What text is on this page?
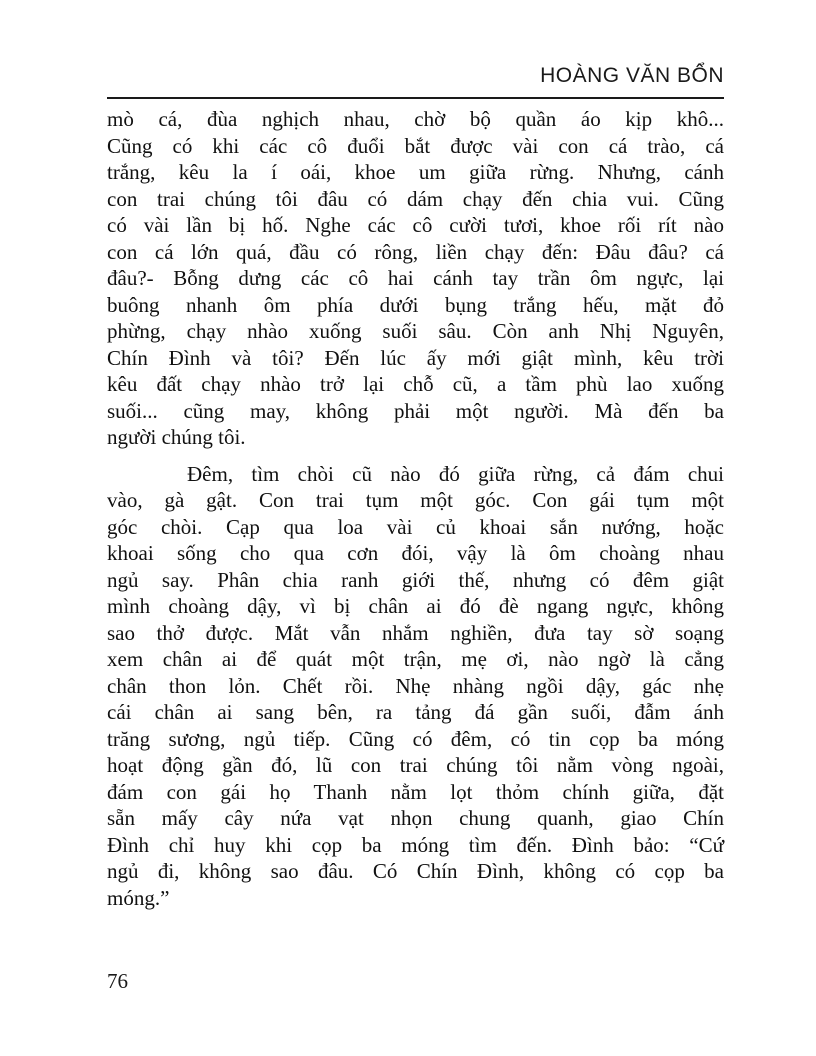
HOÀNG VĂN BỔN
mò cá, đùa nghịch nhau, chờ bộ quần áo kịp khô...
Cũng có khi các cô đuổi bắt được vài con cá trào, cá
trắng, kêu la í oái, khoe um giữa rừng. Nhưng, cánh
con trai chúng tôi đâu có dám chạy đến chia vui. Cũng
có vài lần bị hố. Nghe các cô cười tươi, khoe rối rít nào
con cá lớn quá, đầu có rông, liền chạy đến: Đâu đâu? cá
đâu?- Bỗng dưng các cô hai cánh tay trần ôm ngực, lại
buông nhanh ôm phía dưới bụng trắng hếu, mặt đỏ
phừng, chạy nhào xuống suối sâu. Còn anh Nhị Nguyên,
Chín Đình và tôi? Đến lúc ấy mới giật mình, kêu trời
kêu đất chạy nhào trở lại chỗ cũ, a tầm phù lao xuống
suối... cũng may, không phải một người. Mà đến ba
người chúng tôi.
Đêm, tìm chòi cũ nào đó giữa rừng, cả đám chui
vào, gà gật. Con trai tụm một góc. Con gái tụm một
góc chòi. Cạp qua loa vài củ khoai sắn nướng, hoặc
khoai sống cho qua cơn đói, vậy là ôm choàng nhau
ngủ say. Phân chia ranh giới thế, nhưng có đêm giật
mình choàng dậy, vì bị chân ai đó đè ngang ngực, không
sao thở được. Mắt vẫn nhắm nghiền, đưa tay sờ soạng
xem chân ai để quát một trận, mẹ ơi, nào ngờ là cẳng
chân thon lỏn. Chết rồi. Nhẹ nhàng ngồi dậy, gác nhẹ
cái chân ai sang bên, ra tảng đá gần suối, đẫm ánh
trăng sương, ngủ tiếp. Cũng có đêm, có tin cọp ba móng
hoạt động gần đó, lũ con trai chúng tôi nằm vòng ngoài,
đám con gái họ Thanh nằm lọt thỏm chính giữa, đặt
sẵn mấy cây nứa vạt nhọn chung quanh, giao Chín
Đình chỉ huy khi cọp ba móng tìm đến. Đình bảo: “Cứ
ngủ đi, không sao đâu. Có Chín Đình, không có cọp ba
móng.”
76
